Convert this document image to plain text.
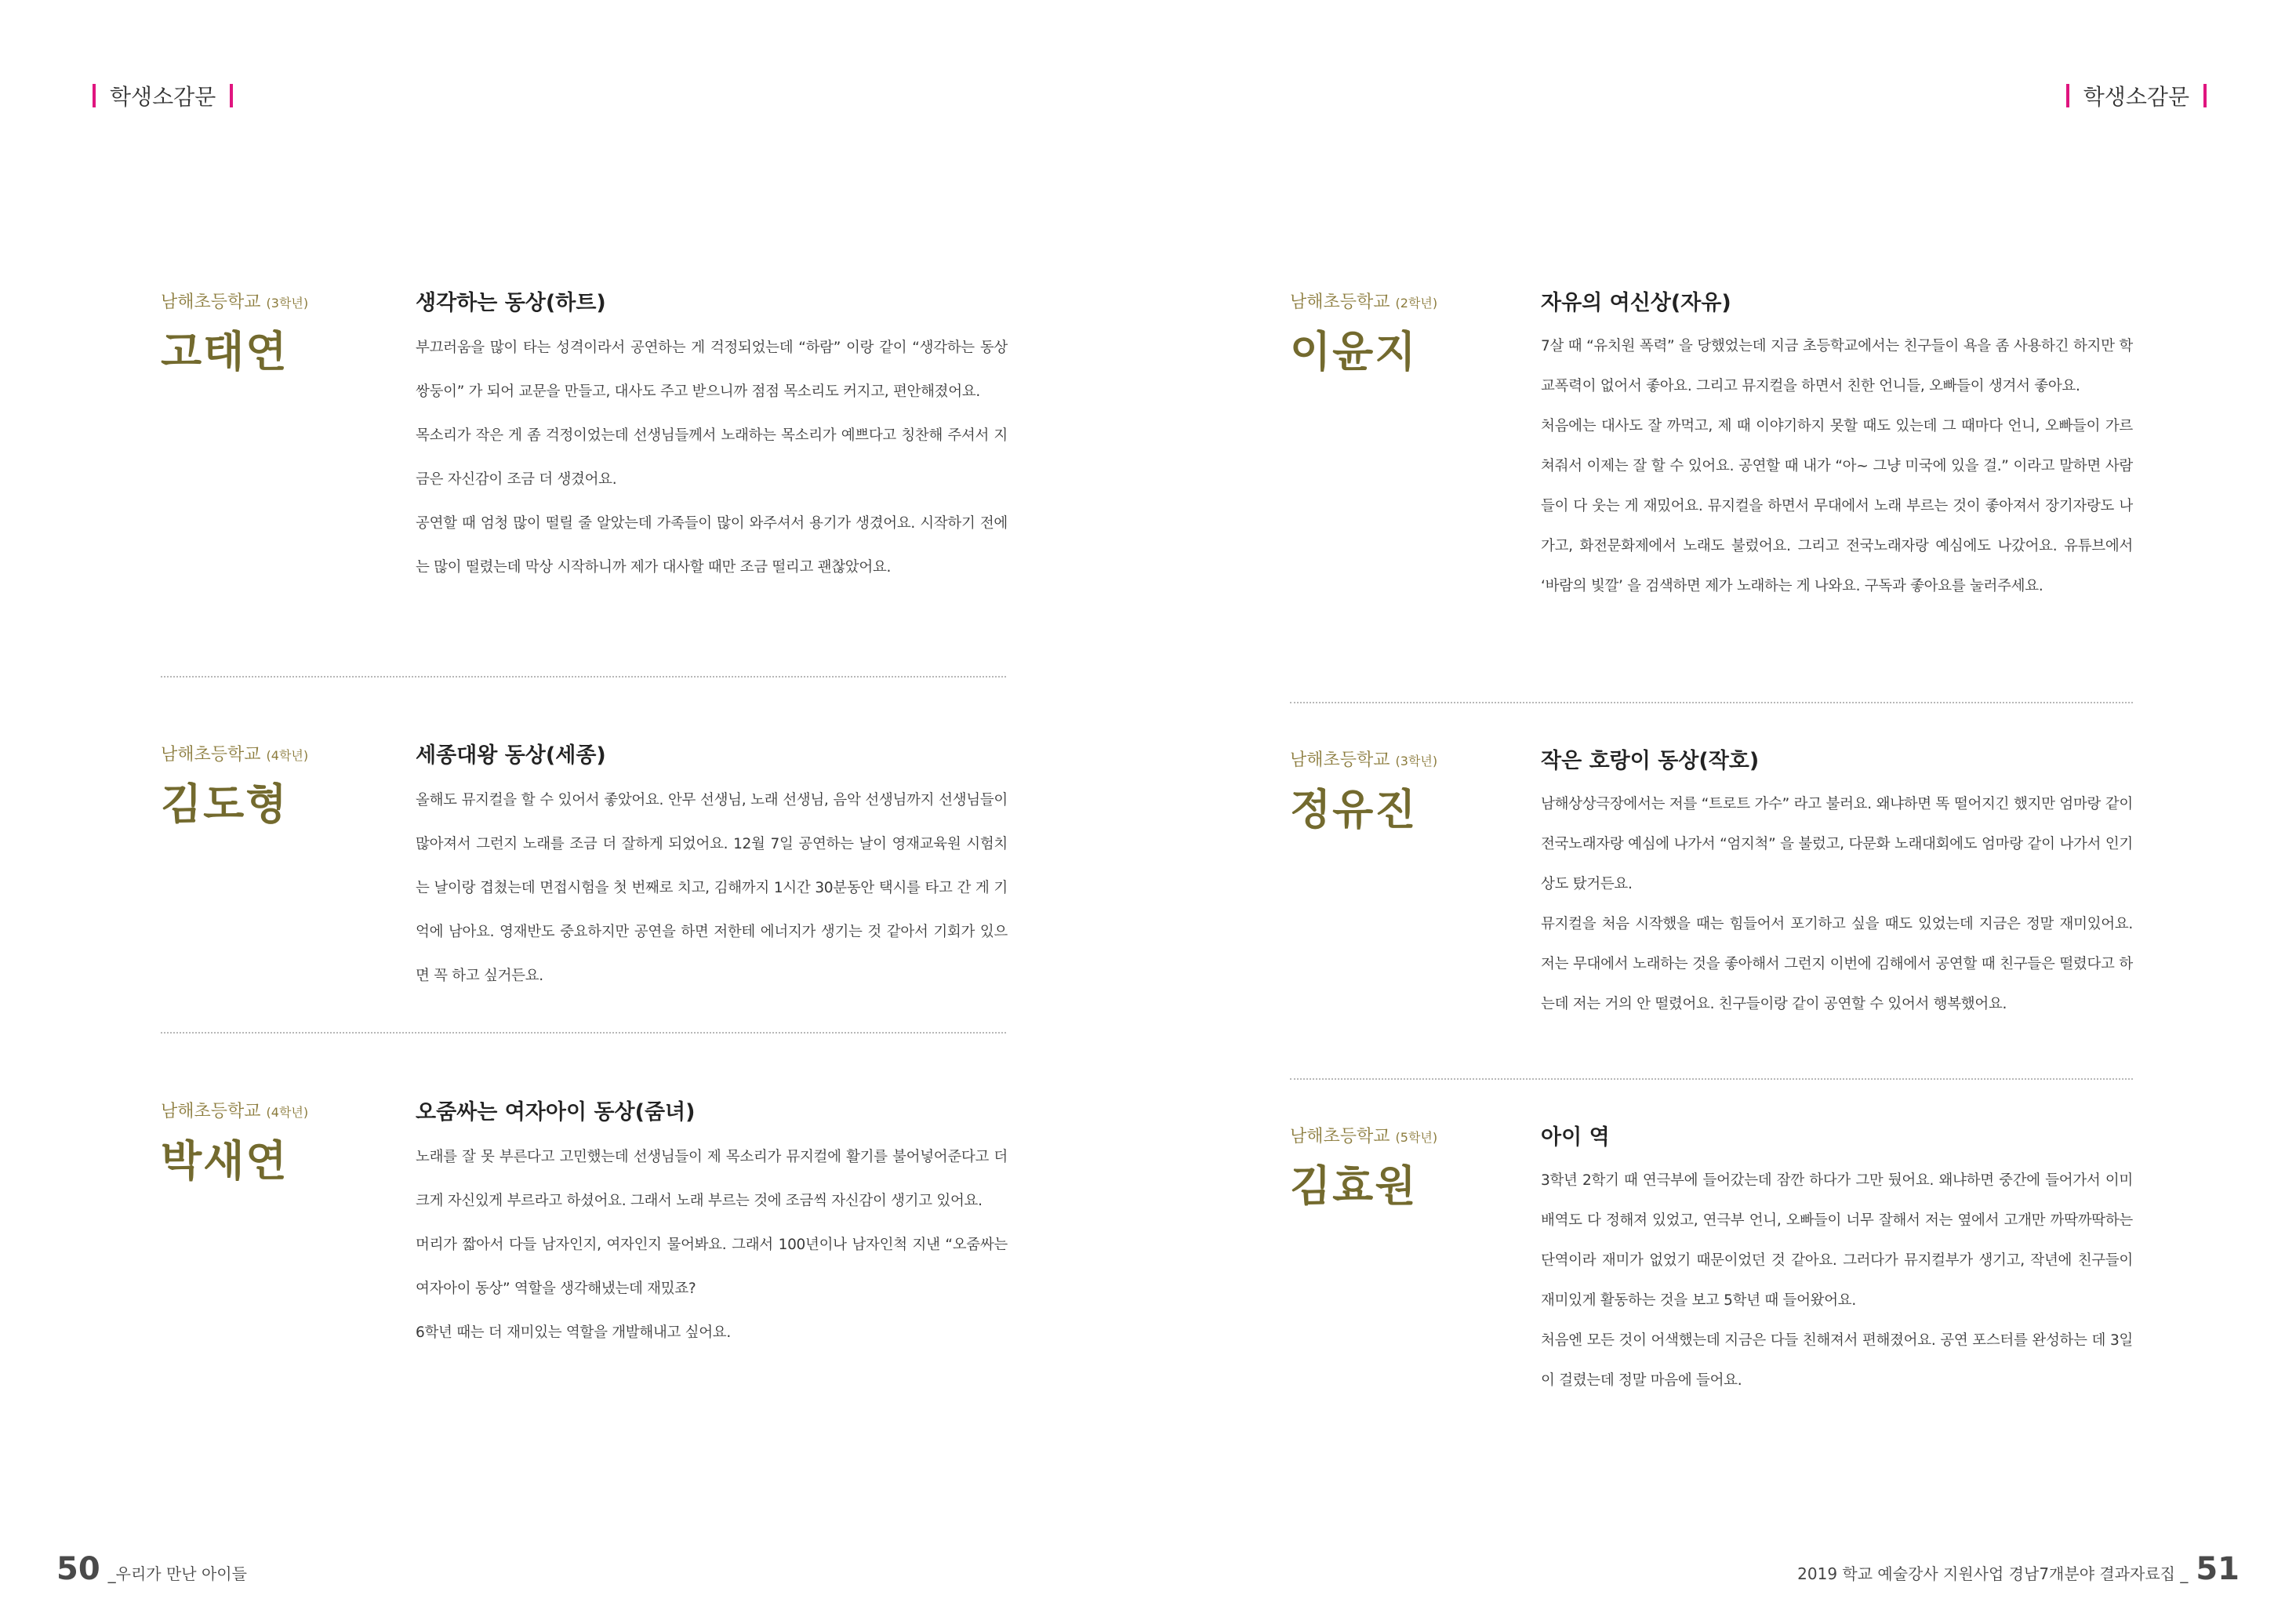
학생소감문
남해초등학교 (3학년)
고태연
생각하는 동상(하트)

부끄러움을 많이 타는 성격이라서 공연하는 게 걱정되었는데 “하람” 이랑 같이 “생각하는 동상 쌍둥이” 가 되어 교문을 만들고, 대사도 주고 받으니까 점점 목소리도 커지고, 편안해졌어요.

목소리가 작은 게 좀 걱정이었는데 선생님들께서 노래하는 목소리가 예쁘다고 칭찬해 주셔서 지금은 자신감이 조금 더 생겼어요.

공연할 때 엄청 많이 떨릴 줄 알았는데 가족들이 많이 와주셔서 용기가 생겼어요. 시작하기 전에는 많이 떨렸는데 막상 시작하니까 제가 대사할 때만 조금 떨리고 괜찮았어요.

남해초등학교 (4학년)
김도형
세종대왕 동상(세종)

올해도 뮤지컬을 할 수 있어서 좋았어요. 안무 선생님, 노래 선생님, 음악 선생님까지 선생님들이 많아져서 그런지 노래를 조금 더 잘하게 되었어요. 12월 7일 공연하는 날이 영재교육원 시험치는 날이랑 겹쳤는데 면접시험을 첫 번째로 치고, 김해까지 1시간 30분동안 택시를 타고 간 게 기억에 남아요. 영재반도 중요하지만 공연을 하면 저한테 에너지가 생기는 것 같아서 기회가 있으면 꼭 하고 싶거든요.

남해초등학교 (4학년)
박새연
오줌싸는 여자아이 동상(줌녀)

노래를 잘 못 부른다고 고민했는데 선생님들이 제 목소리가 뮤지컬에 활기를 불어넣어준다고 더 크게 자신있게 부르라고 하셨어요. 그래서 노래 부르는 것에 조금씩 자신감이 생기고 있어요.

머리가 짧아서 다들 남자인지, 여자인지 물어봐요. 그래서 100년이나 남자인척 지낸 “오줌싸는 여자아이 동상” 역할을 생각해냈는데 재밌죠?

6학년 때는 더 재미있는 역할을 개발해내고 싶어요.

50 _우리가 만난 아이들
학생소감문
남해초등학교 (2학년)
이윤지
자유의 여신상(자유)

7살 때 “유치원 폭력” 을 당했었는데 지금 초등학교에서는 친구들이 욕을 좀 사용하긴 하지만 학교폭력이 없어서 좋아요. 그리고 뮤지컬을 하면서 친한 언니들, 오빠들이 생겨서 좋아요.

처음에는 대사도 잘 까먹고, 제 때 이야기하지 못할 때도 있는데 그 때마다 언니, 오빠들이 가르쳐줘서 이제는 잘 할 수 있어요. 공연할 때 내가 “아~ 그냥 미국에 있을 걸.” 이라고 말하면 사람들이 다 웃는 게 재밌어요. 뮤지컬을 하면서 무대에서 노래 부르는 것이 좋아져서 장기자랑도 나가고, 화전문화제에서 노래도 불렀어요. 그리고 전국노래자랑 예심에도 나갔어요. 유튜브에서 ‘바람의 빛깔’ 을 검색하면 제가 노래하는 게 나와요. 구독과 좋아요를 눌러주세요.

남해초등학교 (3학년)
정유진
작은 호랑이 동상(작호)

남해상상극장에서는 저를 “트로트 가수” 라고 불러요. 왜냐하면 똑 떨어지긴 했지만 엄마랑 같이 전국노래자랑 예심에 나가서 “엄지척” 을 불렀고, 다문화 노래대회에도 엄마랑 같이 나가서 인기상도 탔거든요.

뮤지컬을 처음 시작했을 때는 힘들어서 포기하고 싶을 때도 있었는데 지금은 정말 재미있어요. 저는 무대에서 노래하는 것을 좋아해서 그런지 이번에 김해에서 공연할 때 친구들은 떨렸다고 하는데 저는 거의 안 떨렸어요. 친구들이랑 같이 공연할 수 있어서 행복했어요.

남해초등학교 (5학년)
김효원
아이 역

3학년 2학기 때 연극부에 들어갔는데 잠깐 하다가 그만 뒀어요. 왜냐하면 중간에 들어가서 이미 배역도 다 정해져 있었고, 연극부 언니, 오빠들이 너무 잘해서 저는 옆에서 고개만 까딱까딱하는 단역이라 재미가 없었기 때문이었던 것 같아요. 그러다가 뮤지컬부가 생기고, 작년에 친구들이 재미있게 활동하는 것을 보고 5학년 때 들어왔어요.

처음엔 모든 것이 어색했는데 지금은 다들 친해져서 편해졌어요. 공연 포스터를 완성하는 데 3일이 걸렸는데 정말 마음에 들어요.

2019 학교 예술강사 지원사업 경남7개분야 결과자료집 _ 51
